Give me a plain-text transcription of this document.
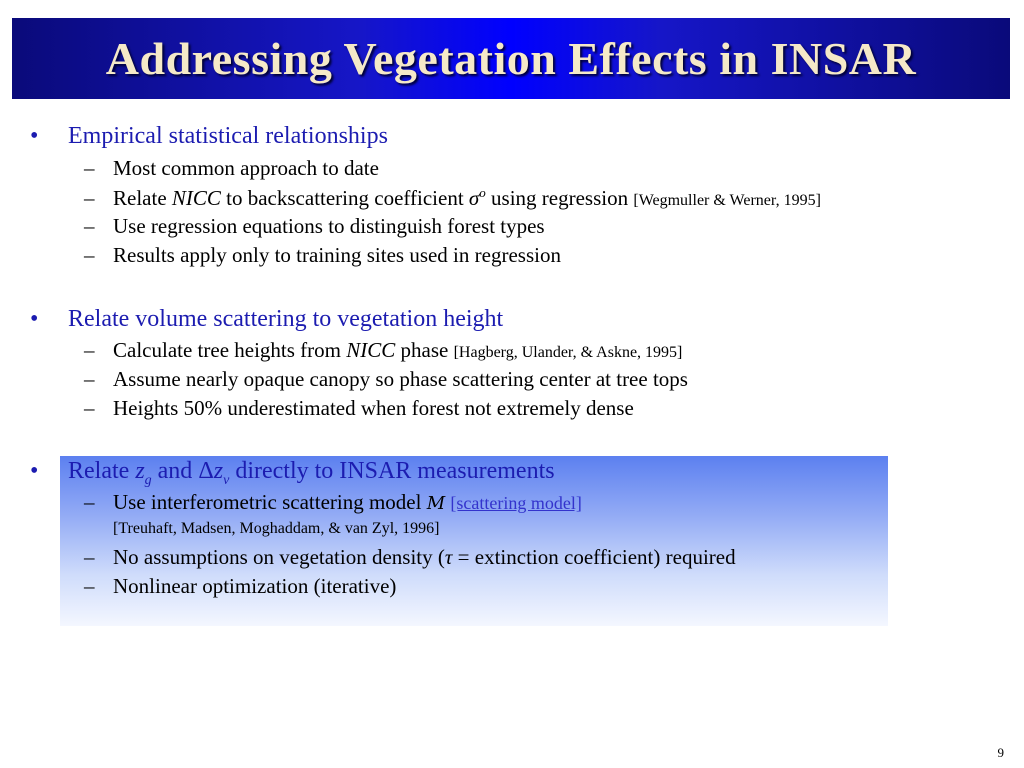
Addressing Vegetation Effects in INSAR
• Empirical statistical relationships
– Most common approach to date
– Relate NICC to backscattering coefficient $\sigma^o$ using regression [Wegmuller & Werner, 1995]
– Use regression equations to distinguish forest types
– Results apply only to training sites used in regression
• Relate volume scattering to vegetation height
– Calculate tree heights from NICC phase [Hagberg, Ulander, & Askne, 1995]
– Assume nearly opaque canopy so phase scattering center at tree tops
– Heights 50% underestimated when forest not extremely dense
• Relate $z_g$ and $\Delta z_v$ directly to INSAR measurements
– Use interferometric scattering model M [scattering model]
[Treuhaft, Madsen, Moghaddam, & van Zyl, 1996]
– No assumptions on vegetation density (τ = extinction coefficient) required
– Nonlinear optimization (iterative)
9
